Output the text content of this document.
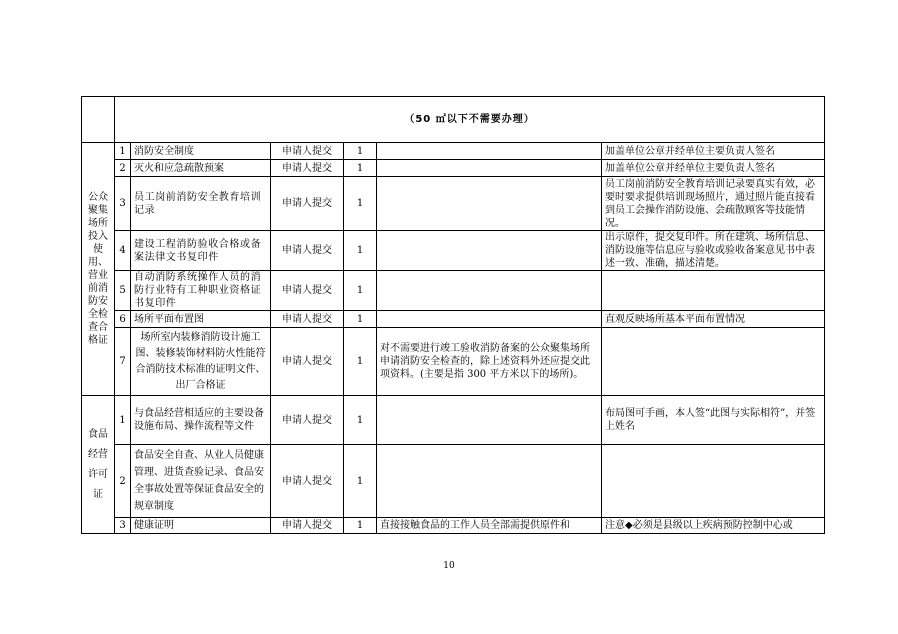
	（50 ㎡以下不需要办理）					
公众聚集场所投入使用、营业前消防安全检查合格证	1	消防安全制度	申请人提交	1		加盖单位公章并经单位主要负责人签名
	2	灭火和应急疏散预案	申请人提交	1		加盖单位公章并经单位主要负责人签名
	3	员工岗前消防安全教育培训记录	申请人提交	1		员工岗前消防安全教育培训记录要真实有效，必要时要求提供培训现场照片，通过照片能直接看到员工会操作消防设施、会疏散顾客等技能情况。
	4	建设工程消防验收合格或备案法律文书复印件	申请人提交	1		出示原件，提交复印件。所在建筑、场所信息、消防设施等信息应与验收或验收备案意见书中表述一致、准确，描述清楚。
	5	自动消防系统操作人员的消防行业特有工种职业资格证书复印件	申请人提交	1		
	6	场所平面布置图	申请人提交	1		直观反映场所基本平面布置情况
	7	场所室内装修消防设计施工图、装修装饰材料防火性能符合消防技术标准的证明文件、出厂合格证	申请人提交	1	对不需要进行竣工验收消防备案的公众聚集场所申请消防安全检查的，除上述资料外还应提交此项资料。(主要是指 300 平方米以下的场所)。	
食品经营许可证	1	与食品经营相适应的主要设备设施布局、操作流程等文件	申请人提交	1		布局图可手画，本人签“此图与实际相符”，并签上姓名
	2	食品安全自查、从业人员健康管理、进货查验记录、食品安全事故处置等保证食品安全的规章制度	申请人提交	1		
	3	健康证明	申请人提交	1	直接接触食品的工作人员全部需提供原件和	注意◆必须是县级以上疾病预防控制中心或
10
